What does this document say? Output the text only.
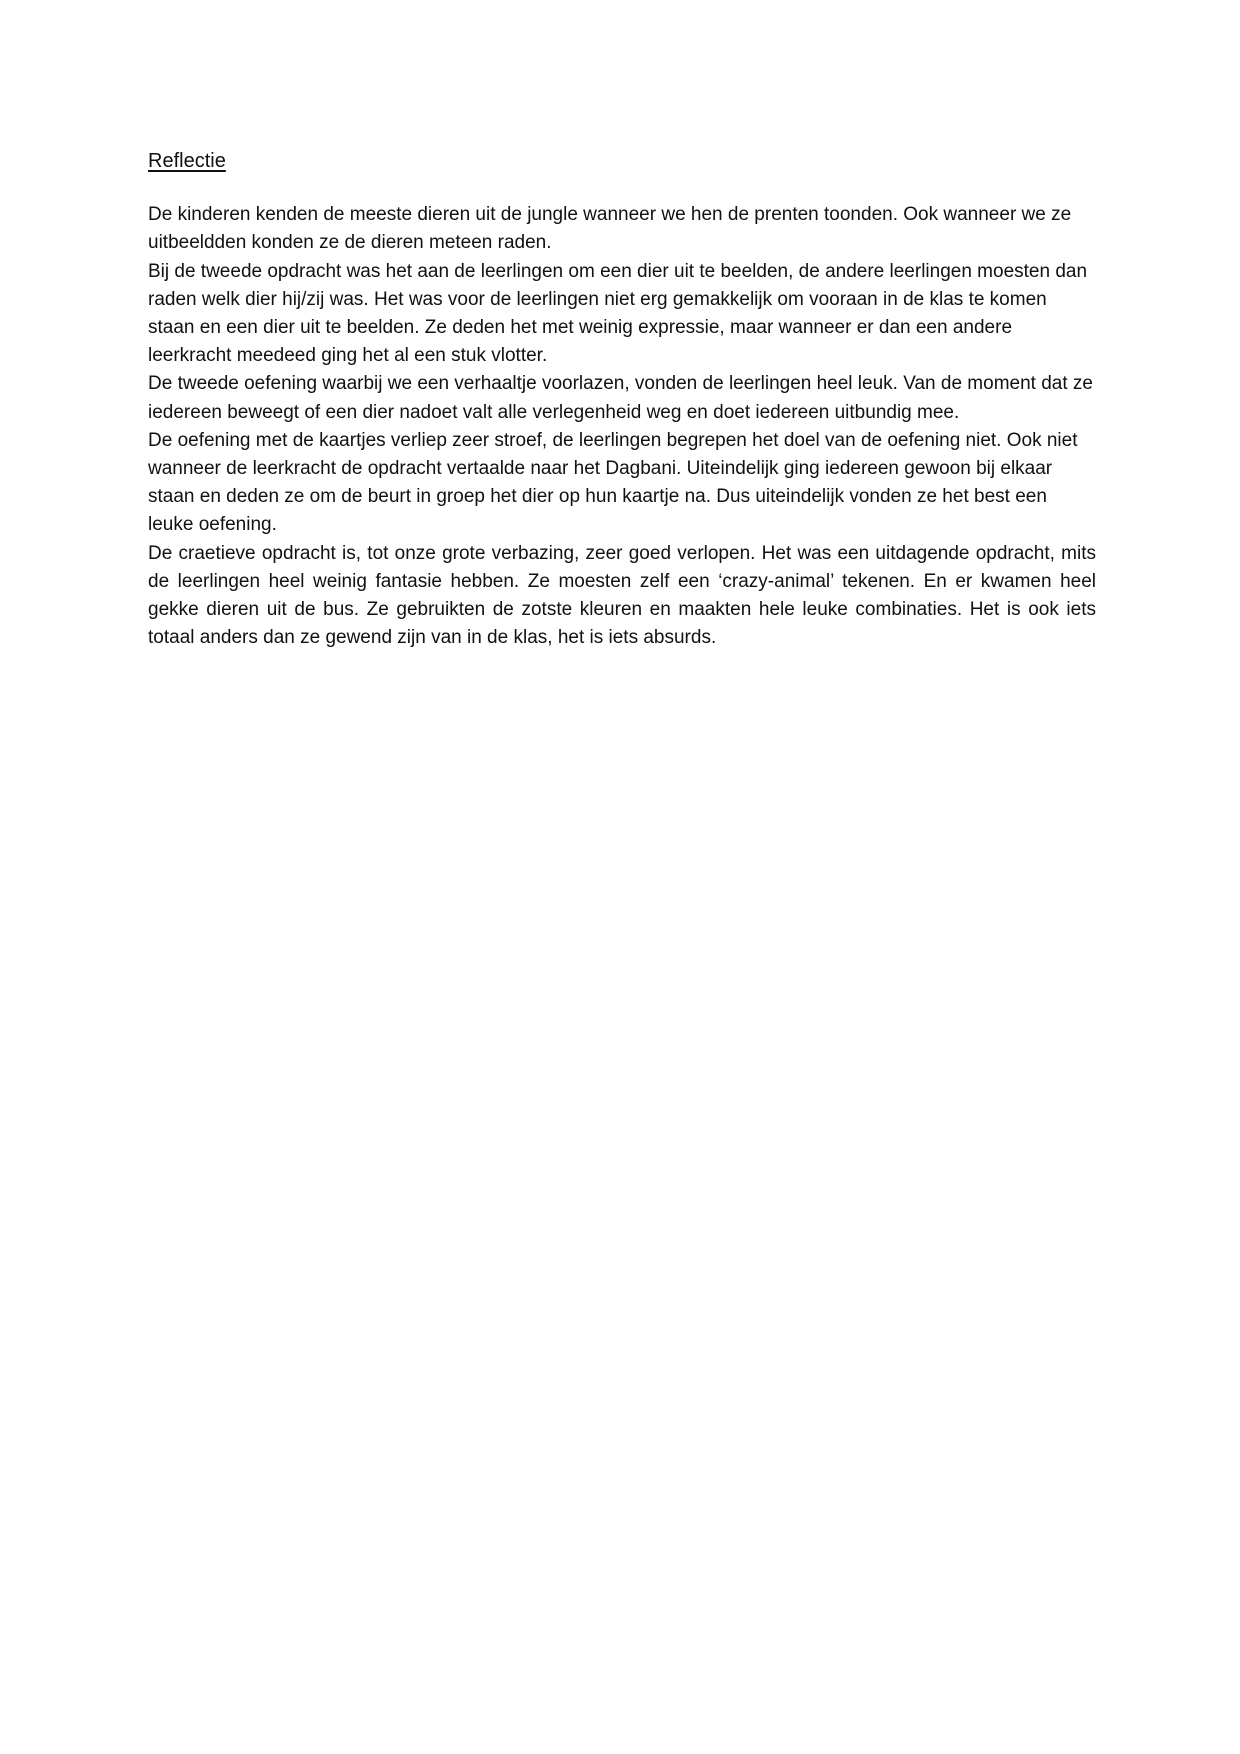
Reflectie

De kinderen kenden de meeste dieren uit de jungle wanneer we hen de prenten toonden. Ook wanneer we ze uitbeeldden konden ze de dieren meteen raden.

Bij de tweede opdracht was het aan de leerlingen om een dier uit te beelden, de andere leerlingen moesten dan raden welk dier hij/zij was. Het was voor de leerlingen niet erg gemakkelijk om vooraan in de klas te komen staan en een dier uit te beelden. Ze deden het met weinig expressie, maar wanneer er dan een andere leerkracht meedeed ging het al een stuk vlotter.

De tweede oefening waarbij we een verhaaltje voorlazen, vonden de leerlingen heel leuk. Van de moment dat ze iedereen beweegt of een dier nadoet valt alle verlegenheid weg en doet iedereen uitbundig mee.

De oefening met de kaartjes verliep zeer stroef, de leerlingen begrepen het doel van de oefening niet. Ook niet wanneer de leerkracht de opdracht vertaalde naar het Dagbani. Uiteindelijk ging iedereen gewoon bij elkaar staan en deden ze om de beurt in groep het dier op hun kaartje na. Dus uiteindelijk vonden ze het best een leuke oefening.

De craetieve opdracht is, tot onze grote verbazing, zeer goed verlopen. Het was een uitdagende opdracht, mits de leerlingen heel weinig fantasie hebben. Ze moesten zelf een ‘crazy-animal’ tekenen. En er kwamen heel gekke dieren uit de bus. Ze gebruikten de zotste kleuren en maakten hele leuke combinaties. Het is ook iets totaal anders dan ze gewend zijn van in de klas, het is iets absurds.
